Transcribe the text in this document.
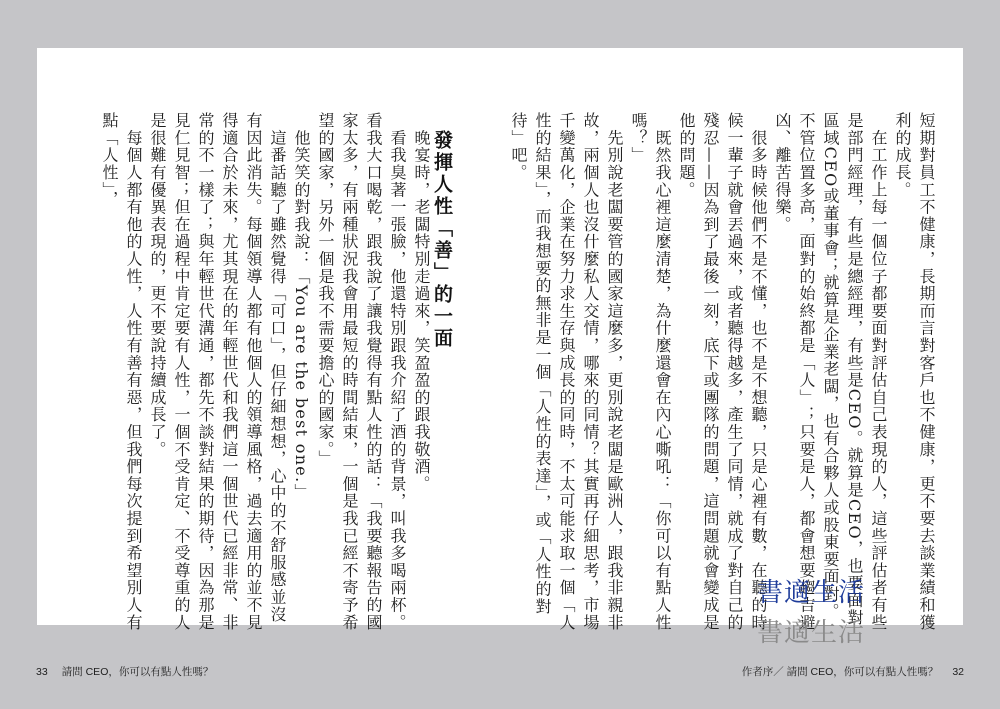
短期對員工不健康，長期而言對客戶也不健康，更不要去談業績和獲利的成長。
　在工作上每一個位子都要面對評估自己表現的人，這些評估者有些是部門經理，有些是總經理，有些是CEO。就算是CEO，也要面對區域CEO或董事會；就算是企業老闆，也有合夥人或股東要面對。不管位置多高，面對的始終都是「人」；只要是人，都會想要趨吉避凶、離苦得樂。
　很多時候他們不是不懂，也不是不想聽，只是心裡有數，在聽的時候一輩子就會丟過來，或者聽得越多，產生了同情，就成了對自己的殘忍——因為到了最後一刻，底下或團隊的問題，這問題就會變成是他的問題。
　既然我心裡這麼清楚，為什麼還會在內心嘶吼：「你可以有點人性嗎？」
　先別說老闆要管的國家這麼多，更別說老闆是歐洲人，跟我非親非故，兩個人也沒什麼私人交情，哪來的同情？其實再仔細思考，市場千變萬化，企業在努力求生存與成長的同時，不太可能求取一個「人性的結果」，而我想要的無非是一個「人性的表達」，或「人性的對待」吧。
發揮人性「善」的一面
　晚宴時，老闆特別走過來，笑盈盈的跟我敬酒。
　看我臭著一張臉，他還特別跟我介紹了酒的背景，叫我多喝兩杯。看我大口喝乾，跟我說了讓我覺得有點人性的話：「我要聽報告的國家太多，有兩種狀況我會用最短的時間結束，一個是我已經不寄予希望的國家，另外一個是我不需要擔心的國家。」
　他笑笑的對我說：「You are the best one.」
　這番話聽了雖然覺得「可口」，但仔細想想，心中的不舒服感並沒有因此消失。每個領導人都有他個人的領導風格，過去適用的並不見得適合於未來，尤其現在的年輕世代和我們這一個世代已經非常、非常的不一樣了；與年輕世代溝通，都先不談對結果的期待，因為那是見仁見智；但在過程中肯定要有人性，一個不受肯定、不受尊重的人是很難有優異表現的，更不要說持續成長了。
　每個人都有他的人性，人性有善有惡，但我們每次提到希望別人有點「人性」，
書適生活
書適生活
33 請問 CEO，你可以有點人性嗎？	作者序／ 請問 CEO，你可以有點人性嗎？ 32
